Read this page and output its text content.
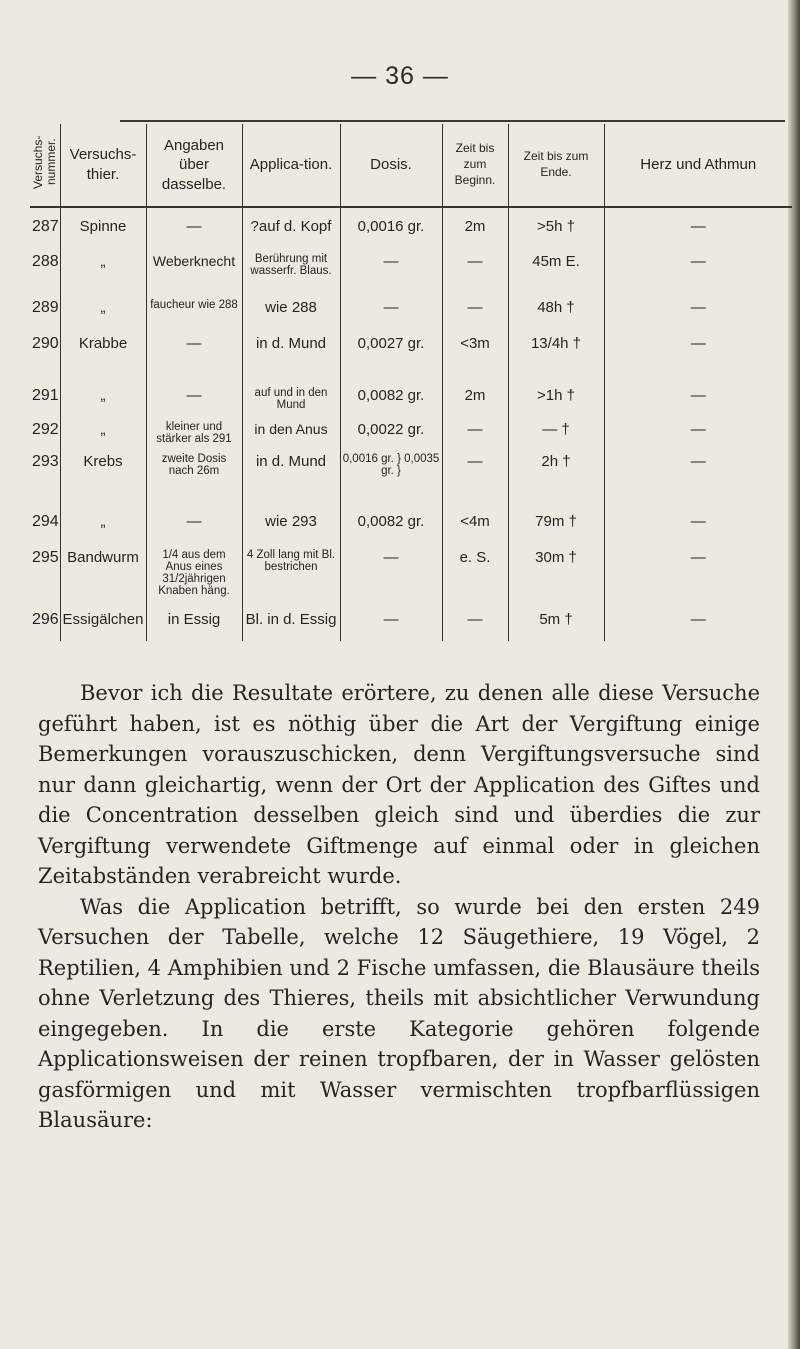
— 36 —
Versuchs-nummer.	Versuchs-thier.	Angaben über dasselbe.	Applica-tion.	Dosis.	Zeit bis zum Beginn.	Zeit bis zum Ende.	Herz und Athmun
287	Spinne	—	?auf d. Kopf	0,0016 gr.	2m	>5h †	—
288	„	Weberknecht	Berührung mit wasserfr. Blaus.	—	—	45m E.	—
289	„	faucheur wie 288	wie 288	—	—	48h †	—
290	Krabbe	—	in d. Mund	0,0027 gr.	<3m	13/4h †	—
291	„	—	auf und in den Mund	0,0082 gr.	2m	>1h †	—
292	„	kleiner und stärker als 291	in den Anus	0,0022 gr.	—	— †	—
293	Krebs	zweite Dosis nach 26m	in d. Mund	0,0016 gr. } 0,0035 gr. }	—	2h †	—
294	„	—	wie 293	0,0082 gr.	<4m	79m †	—
295	Bandwurm	1/4 aus dem Anus eines 31/2jährigen Knaben häng.	4 Zoll lang mit Bl. bestrichen	—	e. S.	30m †	—
296	Essigälchen	in Essig	Bl. in d. Essig	—	—	5m †	—

Bevor ich die Resultate erörtere, zu denen alle diese Versuche geführt haben, ist es nöthig über die Art der Vergiftung einige Bemerkungen vorauszuschicken, denn Vergiftungsversuche sind nur dann gleichartig, wenn der Ort der Application des Giftes und die Concentration desselben gleich sind und überdies die zur Vergiftung verwendete Giftmenge auf einmal oder in gleichen Zeitabständen verabreicht wurde.

Was die Application betrifft, so wurde bei den ersten 249 Versuchen der Tabelle, welche 12 Säugethiere, 19 Vögel, 2 Reptilien, 4 Amphibien und 2 Fische umfassen, die Blausäure theils ohne Verletzung des Thieres, theils mit absichtlicher Verwundung eingegeben. In die erste Kategorie gehören folgende Applicationsweisen der reinen tropfbaren, der in Wasser gelösten gasförmigen und mit Wasser vermischten tropfbarflüssigen Blausäure:
